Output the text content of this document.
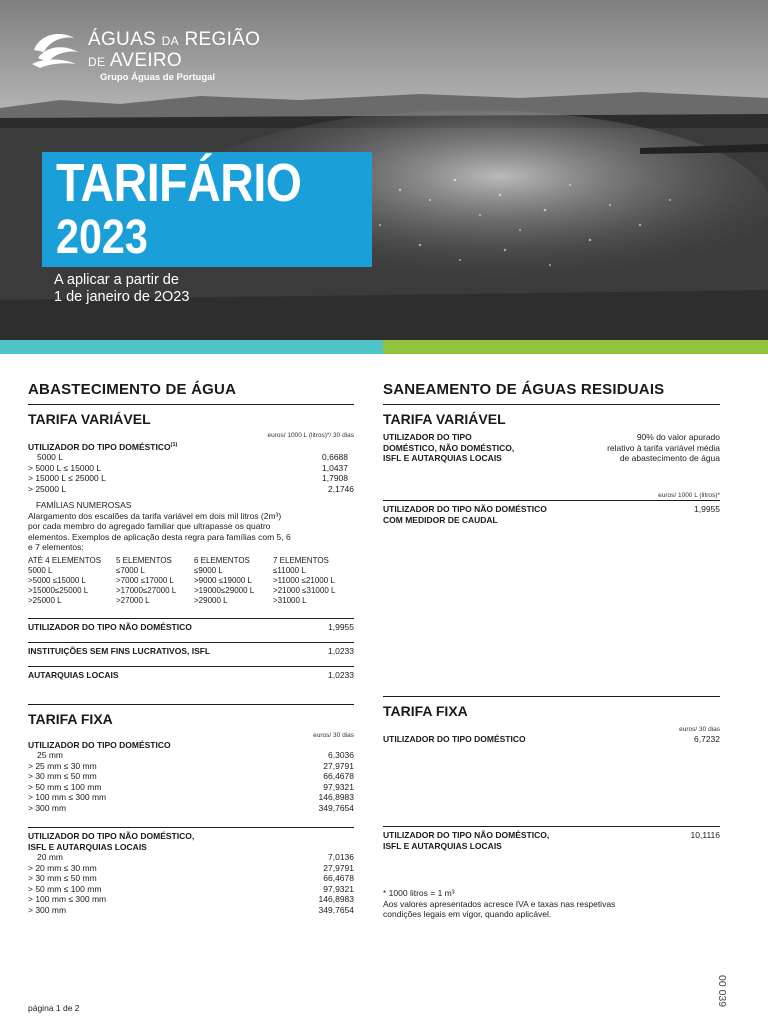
ÁGUAS DA REGIÃO
DE AVEIRO
Grupo Águas de Portugal
TARIFÁRIO
2023
A aplicar a partir de
1 de janeiro de 2O23
ABASTECIMENTO DE ÁGUA
TARIFA VARIÁVEL
euros/ 1000 L (litros)*/ 30 dias
UTILIZADOR DO TIPO DOMÉSTICO$^{(1)}$
5000 L	0,6688
> 5000 L ≤ 15000 L	1,0437
> 15000 L ≤ 25000 L	1,7908
> 25000 L	2,1746
FAMÍLIAS NUMEROSAS
Alargamento dos escalões da tarifa variável em dois mil litros (2m³)
por cada membro do agregado familiar que ultrapasse os quatro
elementos. Exemplos de aplicação desta regra para famílias com 5, 6
e 7 elementos:
ATÉ 4 ELEMENTOS	5 ELEMENTOS	6 ELEMENTOS	7 ELEMENTOS
5000 L	≤7000 L	≤9000 L	≤11000 L
>5000 ≤15000 L	>7000 ≤17000 L	>9000 ≤19000 L	>11000 ≤21000 L
>15000≤25000 L	>17000≤27000 L	>19000≤29000 L	>21000 ≤31000 L
>25000 L	>27000 L	>29000 L	>31000 L
UTILIZADOR DO TIPO NÃO DOMÉSTICO	1,9955
INSTITUIÇÕES SEM FINS LUCRATIVOS, ISFL	1,0233
AUTARQUIAS LOCAIS	1,0233
TARIFA FIXA
euros/ 30 dias
UTILIZADOR DO TIPO DOMÉSTICO
25 mm	6,3036
> 25 mm ≤ 30 mm	27,9791
> 30 mm ≤ 50 mm	66,4678
> 50 mm ≤ 100 mm	97,9321
> 100 mm ≤ 300 mm	146,8983
> 300 mm	349,7654
UTILIZADOR DO TIPO NÃO DOMÉSTICO,
ISFL E AUTARQUIAS LOCAIS
20 mm	7,0136
> 20 mm ≤ 30 mm	27,9791
> 30 mm ≤ 50 mm	66,4678
> 50 mm ≤ 100 mm	97,9321
> 100 mm ≤ 300 mm	146,8983
> 300 mm	349,7654
SANEAMENTO DE ÁGUAS RESIDUAIS
TARIFA VARIÁVEL
UTILIZADOR DO TIPO
DOMÉSTICO, NÃO DOMÉSTICO,
ISFL E AUTARQUIAS LOCAIS
90% do valor apurado
relativo à tarifa variável média
de abastecimento de água
euros/ 1000 L (litros)*
UTILIZADOR DO TIPO NÃO DOMÉSTICO	1,9955
COM MEDIDOR DE CAUDAL
TARIFA FIXA
euros/ 30 dias
UTILIZADOR DO TIPO DOMÉSTICO	6,7232
UTILIZADOR DO TIPO NÃO DOMÉSTICO,	10,1116
ISFL E AUTARQUIAS LOCAIS
* 1000 litros = 1 m³
Aos valores apresentados acresce IVA e taxas nas respetivas
condições legais em vigor, quando aplicável.
página 1 de 2
00 039
